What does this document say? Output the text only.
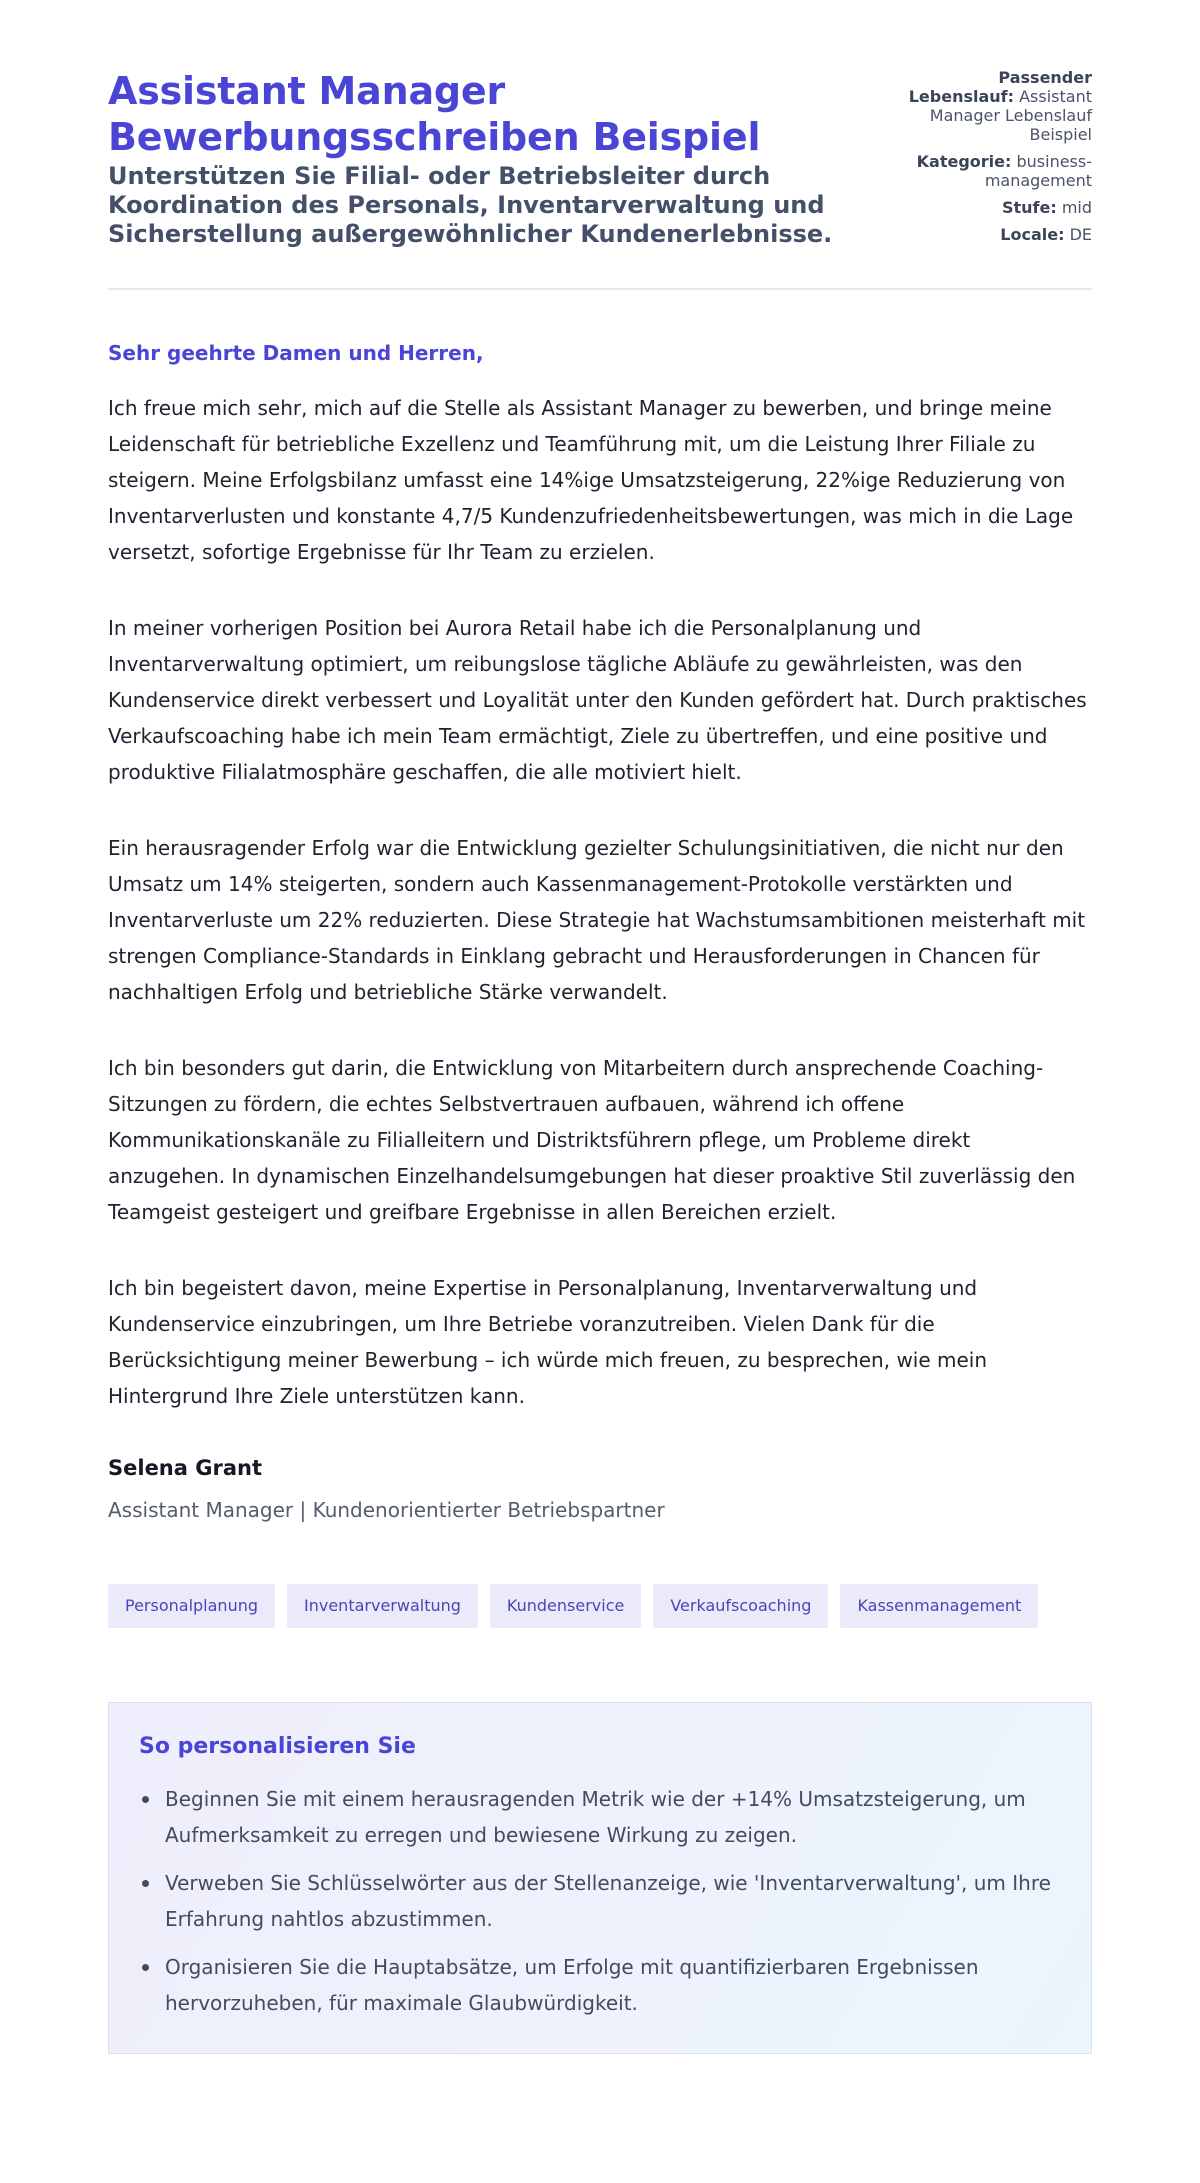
Assistant Manager
Bewerbungsschreiben Beispiel
Unterstützen Sie Filial- oder Betriebsleiter durch Koordination des Personals, Inventarverwaltung und Sicherstellung außergewöhnlicher Kundenerlebnisse.
Passender Lebenslauf: Assistant Manager Lebenslauf Beispiel
Kategorie: business-management
Stufe: mid
Locale: DE

Sehr geehrte Damen und Herren,

Ich freue mich sehr, mich auf die Stelle als Assistant Manager zu bewerben, und bringe meine Leidenschaft für betriebliche Exzellenz und Teamführung mit, um die Leistung Ihrer Filiale zu steigern. Meine Erfolgsbilanz umfasst eine 14%ige Umsatzsteigerung, 22%ige Reduzierung von Inventarverlusten und konstante 4,7/5 Kundenzufriedenheitsbewertungen, was mich in die Lage versetzt, sofortige Ergebnisse für Ihr Team zu erzielen.

In meiner vorherigen Position bei Aurora Retail habe ich die Personalplanung und Inventarverwaltung optimiert, um reibungslose tägliche Abläufe zu gewährleisten, was den Kundenservice direkt verbessert und Loyalität unter den Kunden gefördert hat. Durch praktisches Verkaufscoaching habe ich mein Team ermächtigt, Ziele zu übertreffen, und eine positive und produktive Filialatmosphäre geschaffen, die alle motiviert hielt.

Ein herausragender Erfolg war die Entwicklung gezielter Schulungsinitiativen, die nicht nur den Umsatz um 14% steigerten, sondern auch Kassenmanagement-Protokolle verstärkten und Inventarverluste um 22% reduzierten. Diese Strategie hat Wachstumsambitionen meisterhaft mit strengen Compliance-Standards in Einklang gebracht und Herausforderungen in Chancen für nachhaltigen Erfolg und betriebliche Stärke verwandelt.

Ich bin besonders gut darin, die Entwicklung von Mitarbeitern durch ansprechende Coaching-Sitzungen zu fördern, die echtes Selbstvertrauen aufbauen, während ich offene Kommunikationskanäle zu Filialleitern und Distriktsführern pflege, um Probleme direkt anzugehen. In dynamischen Einzelhandelsumgebungen hat dieser proaktive Stil zuverlässig den Teamgeist gesteigert und greifbare Ergebnisse in allen Bereichen erzielt.

Ich bin begeistert davon, meine Expertise in Personalplanung, Inventarverwaltung und Kundenservice einzubringen, um Ihre Betriebe voranzutreiben. Vielen Dank für die Berücksichtigung meiner Bewerbung – ich würde mich freuen, zu besprechen, wie mein Hintergrund Ihre Ziele unterstützen kann.

Selena Grant

Assistant Manager | Kundenorientierter Betriebspartner

Personalplanung	Inventarverwaltung	Kundenservice	Verkaufscoaching	Kassenmanagement
So personalisieren Sie
Beginnen Sie mit einem herausragenden Metrik wie der +14% Umsatzsteigerung, um Aufmerksamkeit zu erregen und bewiesene Wirkung zu zeigen.
Verweben Sie Schlüsselwörter aus der Stellenanzeige, wie 'Inventarverwaltung', um Ihre Erfahrung nahtlos abzustimmen.
Organisieren Sie die Hauptabsätze, um Erfolge mit quantifizierbaren Ergebnissen hervorzuheben, für maximale Glaubwürdigkeit.
